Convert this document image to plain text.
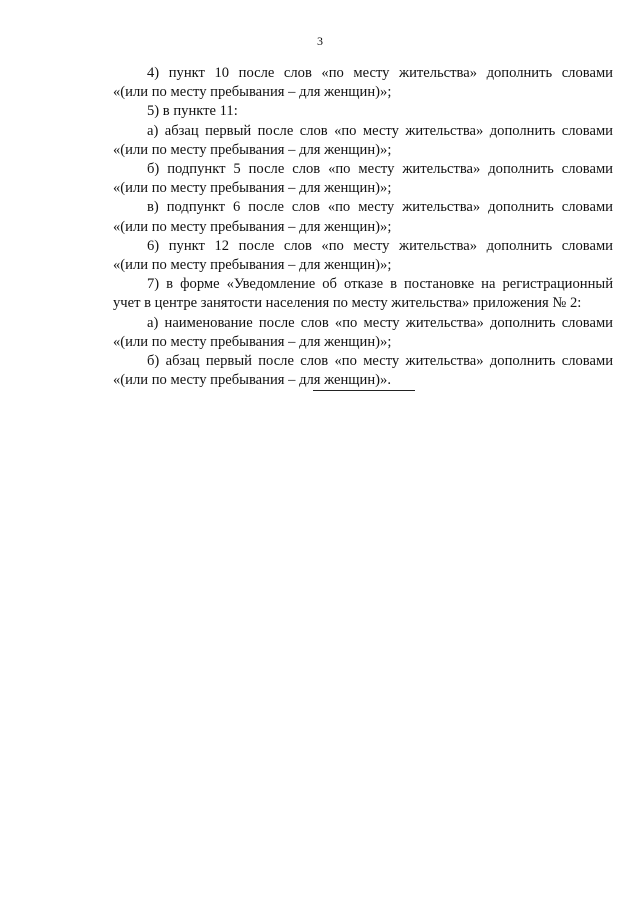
3

4) пункт 10 после слов «по месту жительства» дополнить словами
«(или по месту пребывания – для женщин)»;

5) в пункте 11:

а) абзац первый после слов «по месту жительства» дополнить словами
«(или по месту пребывания – для женщин)»;

б) подпункт 5 после слов «по месту жительства» дополнить словами
«(или по месту пребывания – для женщин)»;

в) подпункт 6 после слов «по месту жительства» дополнить словами
«(или по месту пребывания – для женщин)»;

6) пункт 12 после слов «по месту жительства» дополнить словами
«(или по месту пребывания – для женщин)»;

7) в форме «Уведомление об отказе в постановке на регистрационный
учет в центре занятости населения по месту жительства» приложения № 2:

а) наименование после слов «по месту жительства» дополнить словами
«(или по месту пребывания – для женщин)»;

б) абзац первый после слов «по месту жительства» дополнить словами
«(или по месту пребывания – для женщин)».
